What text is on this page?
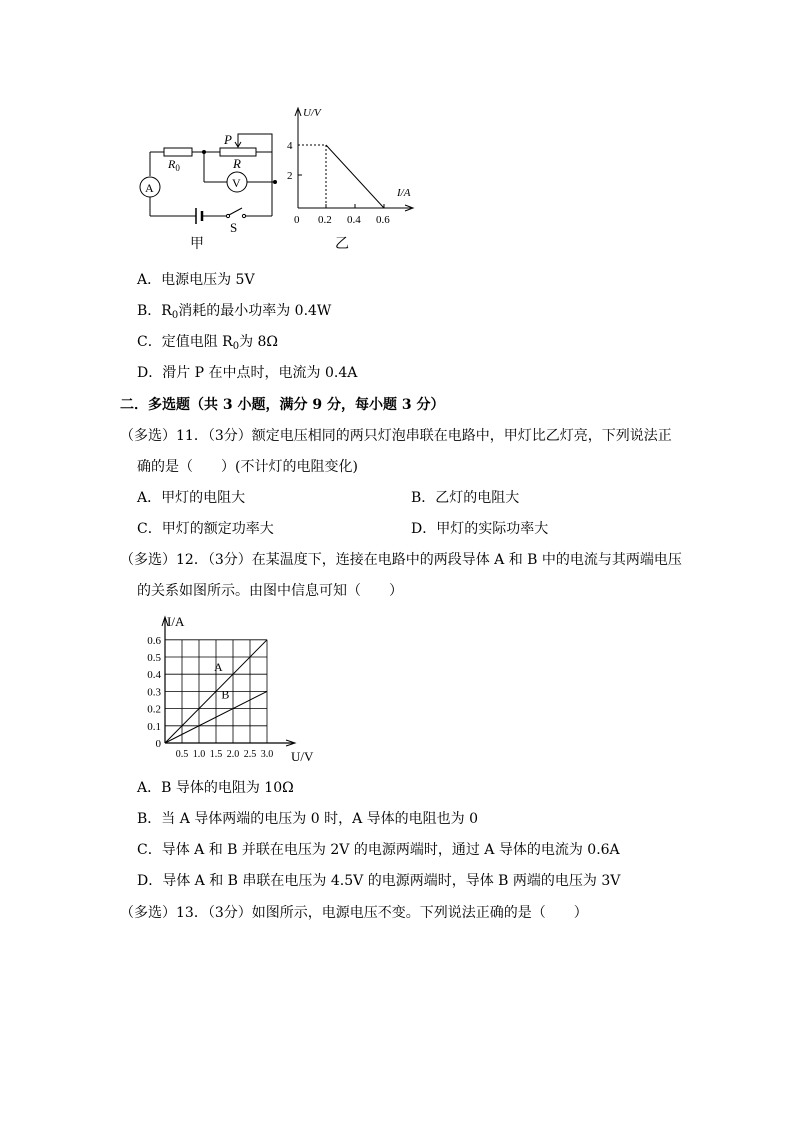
A	V
$R_0$	R
P
S
甲
U/V
I/A
4
2
0 0.2 0.4 0.6
乙
A．电源电压为 5V
B．$R_0$消耗的最小功率为 0.4W
C．定值电阻 $R_0$为 8Ω
D．滑片 P 在中点时，电流为 0.4A
二．多选题（共 3 小题，满分 9 分，每小题 3 分）
（多选）11．（3分）额定电压相同的两只灯泡串联在电路中，甲灯比乙灯亮，下列说法正
确的是（　　）(不计灯的电阻变化)
A．甲灯的电阻大	B．乙灯的电阻大
C．甲灯的额定功率大	D．甲灯的实际功率大
（多选）12．（3分）在某温度下，连接在电路中的两段导体 A 和 B 中的电流与其两端电压
的关系如图所示。由图中信息可知（　　）
A
B
0.6
0.5
0.4
0.3
0.2
0.1
0
0.5 1.0 1.5 2.0 2.5 3.0
I/A
U/V
A．B 导体的电阻为 10Ω
B．当 A 导体两端的电压为 0 时，A 导体的电阻也为 0
C．导体 A 和 B 并联在电压为 2V 的电源两端时，通过 A 导体的电流为 0.6A
D．导体 A 和 B 串联在电压为 4.5V 的电源两端时，导体 B 两端的电压为 3V
（多选）13．（3分）如图所示，电源电压不变。下列说法正确的是（　　）
